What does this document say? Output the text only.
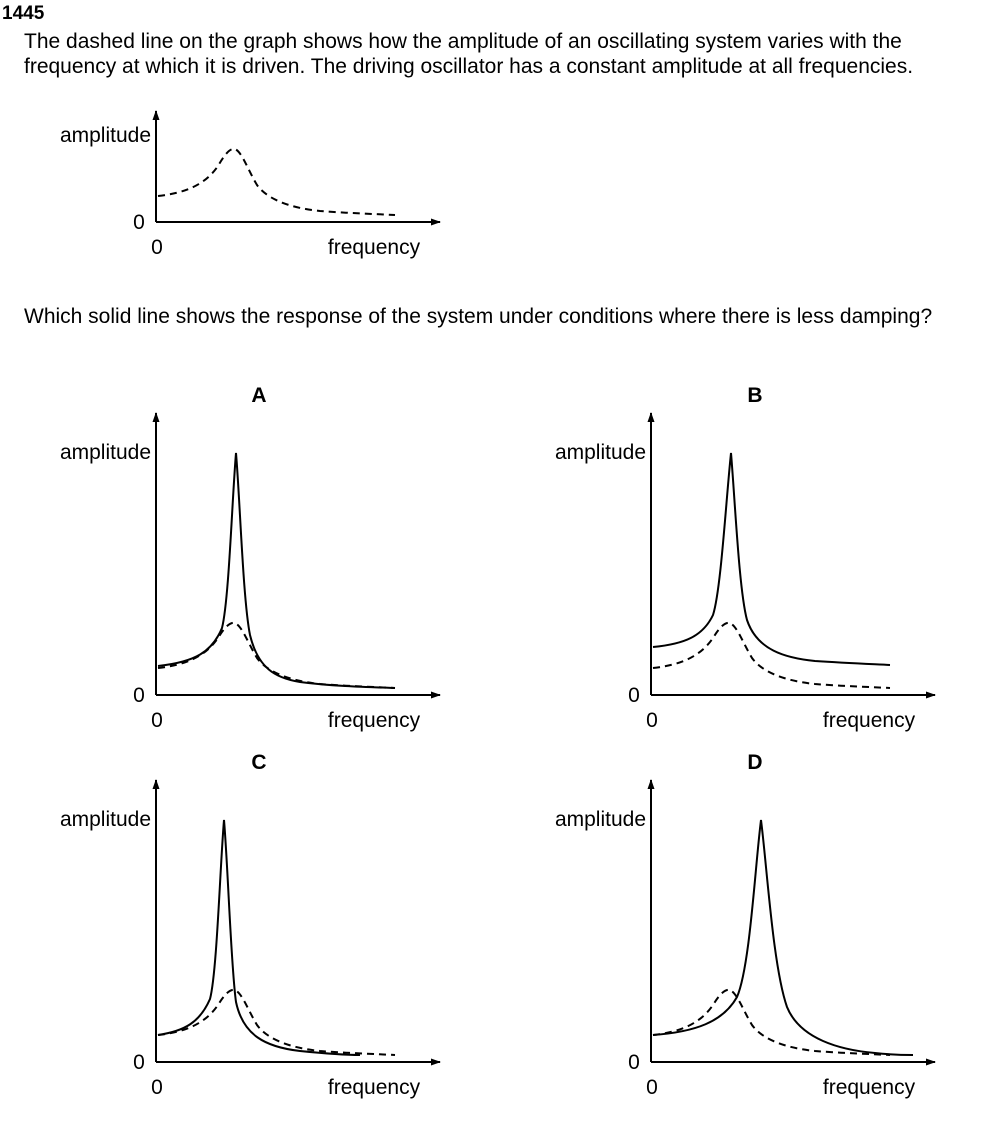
1445

The dashed line on the graph shows how the amplitude of an oscillating system varies with the frequency at which it is driven. The driving oscillator has a constant amplitude at all frequencies.

Which solid line shows the response of the system under conditions where there is less damping?

amplitude
0
0	frequency
A
amplitude
0
0	frequency
B
amplitude
0
0	frequency
C
amplitude
0
0	frequency
D
amplitude
0
0	frequency
